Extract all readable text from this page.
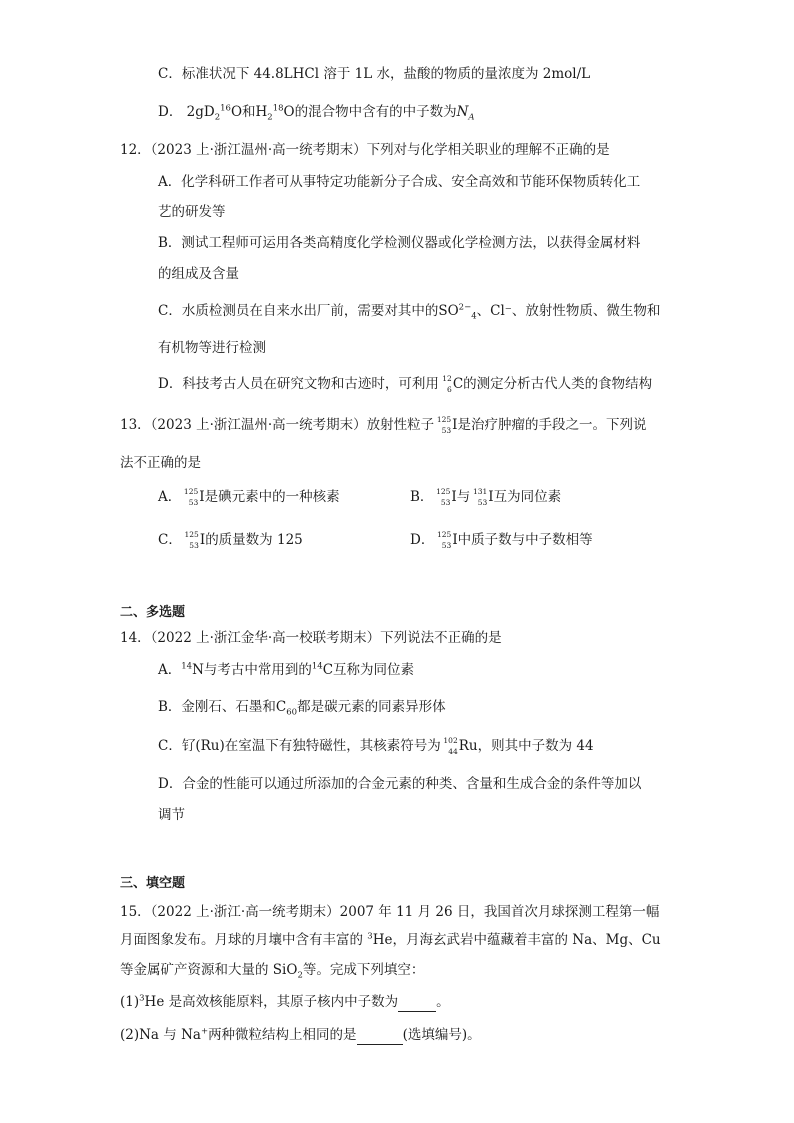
C．标准状况下 44.8LHCl 溶于 1L 水，盐酸的物质的量浓度为 2mol/L
D． $2gD_2^{16}O$和$H_2^{18}O$的混合物中含有的中子数为$N_A$
12．（2023 上·浙江温州·高一统考期末）下列对与化学相关职业的理解不正确的是
A．化学科研工作者可从事特定功能新分子合成、安全高效和节能环保物质转化工
艺的研发等
B．测试工程师可运用各类高精度化学检测仪器或化学检测方法，以获得金属材料
的组成及含量
C．水质检测员在自来水出厂前，需要对其中的$SO^{2-}_4$、Cl⁻、放射性物质、微生物和
有机物等进行检测
D．科技考古人员在研究文物和古迹时，可利用 12
6 C的测定分析古代人类的食物结构
13．（2023 上·浙江温州·高一统考期末）放射性粒子 125
53 I是治疗肿瘤的手段之一。下列说
法不正确的是
A． 125
53 I是碘元素中的一种核素	B． 125
53 I与 131
53 I互为同位素
C． 125
53 I的质量数为 125	D． 125
53 I中质子数与中子数相等
二、多选题
14．（2022 上·浙江金华·高一校联考期末）下列说法不正确的是
A．$^{14}$N与考古中常用到的$^{14}$C互称为同位素
B．金刚石、石墨和$C_{60}$都是碳元素的同素异形体
C．钌(Ru)在室温下有独特磁性，其核素符号为 102
44 Ru，则其中子数为 44
D．合金的性能可以通过所添加的合金元素的种类、含量和生成合金的条件等加以
调节
三、填空题
15．（2022 上·浙江·高一统考期末）2007 年 11 月 26 日，我国首次月球探测工程第一幅
月面图象发布。月球的月壤中含有丰富的 $^3$He，月海玄武岩中蕴藏着丰富的 Na、Mg、Cu
等金属矿产资源和大量的 SiO$_2$等。完成下列填空：
$(1)^3He$ 是高效核能原料，其原子核内中子数为	。
(2)Na 与 Na+两种微粒结构上相同的是	(选填编号)。
